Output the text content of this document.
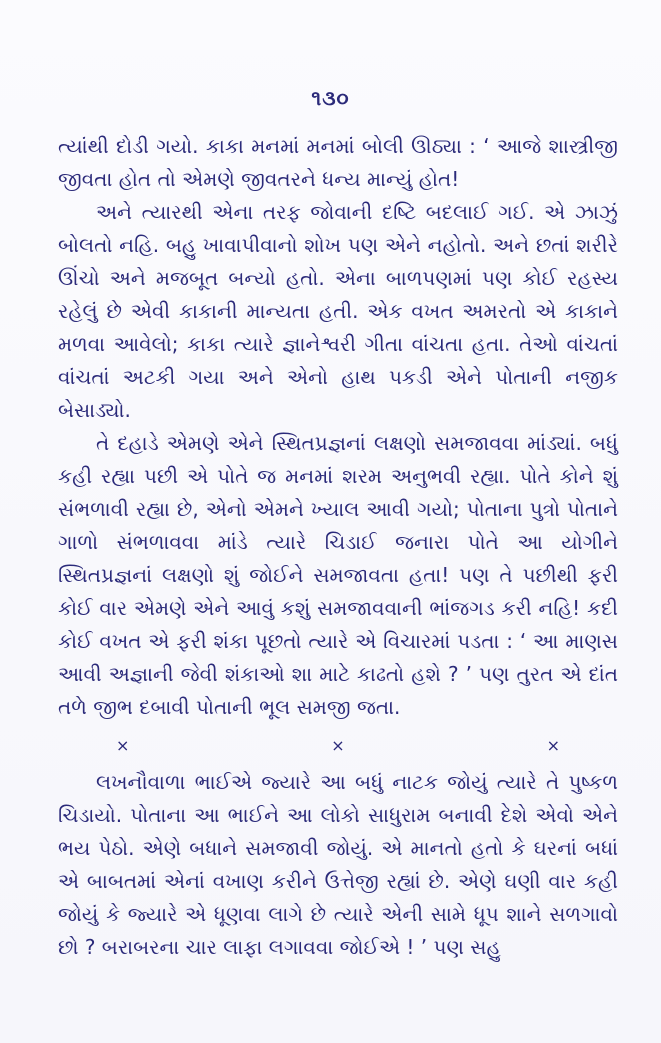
૧૩૦

ત્યાંથી દોડી ગયો. કાકા મનમાં મનમાં બોલી ઊઠ્યા : ‘ આજે શાસ્ત્રીજી જીવતા હોત તો એમણે જીવતરને ધન્ય માન્યું હોત!

અને ત્યારથી એના તરફ જોવાની દષ્ટિ બદલાઈ ગઈ. એ ઝાઝું બોલતો નહિ. બહુ ખાવાપીવાનો શોખ પણ એને નહોતો. અને છતાં શરીરે ઊંચો અને મજબૂત બન્યો હતો. એના બાળપણમાં પણ કોઈ રહસ્ય રહેલું છે એવી કાકાની માન્યતા હતી. એક વખત અમરતો એ કાકાને મળવા આવેલો; કાકા ત્યારે જ્ઞાનેશ્વરી ગીતા વાંચતા હતા. તેઓ વાંચતાં વાંચતાં અટકી ગયા અને એનો હાથ પકડી એને પોતાની નજીક બેસાડ્યો.

તે દહાડે એમણે એને સ્થિતપ્રજ્ઞનાં લક્ષણો સમજાવવા માંડ્યાં. બધું કહી રહ્યા પછી એ પોતે જ મનમાં શરમ અનુભવી રહ્યા. પોતે કોને શું સંભળાવી રહ્યા છે, એનો એમને ખ્યાલ આવી ગયો; પોતાના પુત્રો પોતાને ગાળો સંભળાવવા માંડે ત્યારે ચિડાઈ જનારા પોતે આ યોગીને સ્થિતપ્રજ્ઞનાં લક્ષણો શું જોઈને સમજાવતા હતા! પણ તે પછીથી ફરી કોઈ વાર એમણે એને આવું કશું સમજાવવાની ભાંજગડ કરી નહિ! કદી કોઈ વખત એ ફરી શંકા પૂછતો ત્યારે એ વિચારમાં પડતા : ‘ આ માણસ આવી અજ્ઞાની જેવી શંકાઓ શા માટે કાઢતો હશે ? ’ પણ તુરત એ દાંત તળે જીભ દબાવી પોતાની ભૂલ સમજી જતા.

×	×	×

લખનૌવાળા ભાઈએ જ્યારે આ બધું નાટક જોયું ત્યારે તે પુષ્કળ ચિડાયો. પોતાના આ ભાઈને આ લોકો સાધુરામ બનાવી દેશે એવો એને ભય પેઠો. એણે બધાને સમજાવી જોયું. એ માનતો હતો કે ઘરનાં બધાં એ બાબતમાં એનાં વખાણ કરીને ઉત્તેજી રહ્યાં છે. એણે ઘણી વાર કહી જોયું કે જ્યારે એ ધૂણવા લાગે છે ત્યારે એની સામે ધૂપ શાને સળગાવો છો ? બરાબરના ચાર લાફા લગાવવા જોઈએ ! ’ પણ સહુ
